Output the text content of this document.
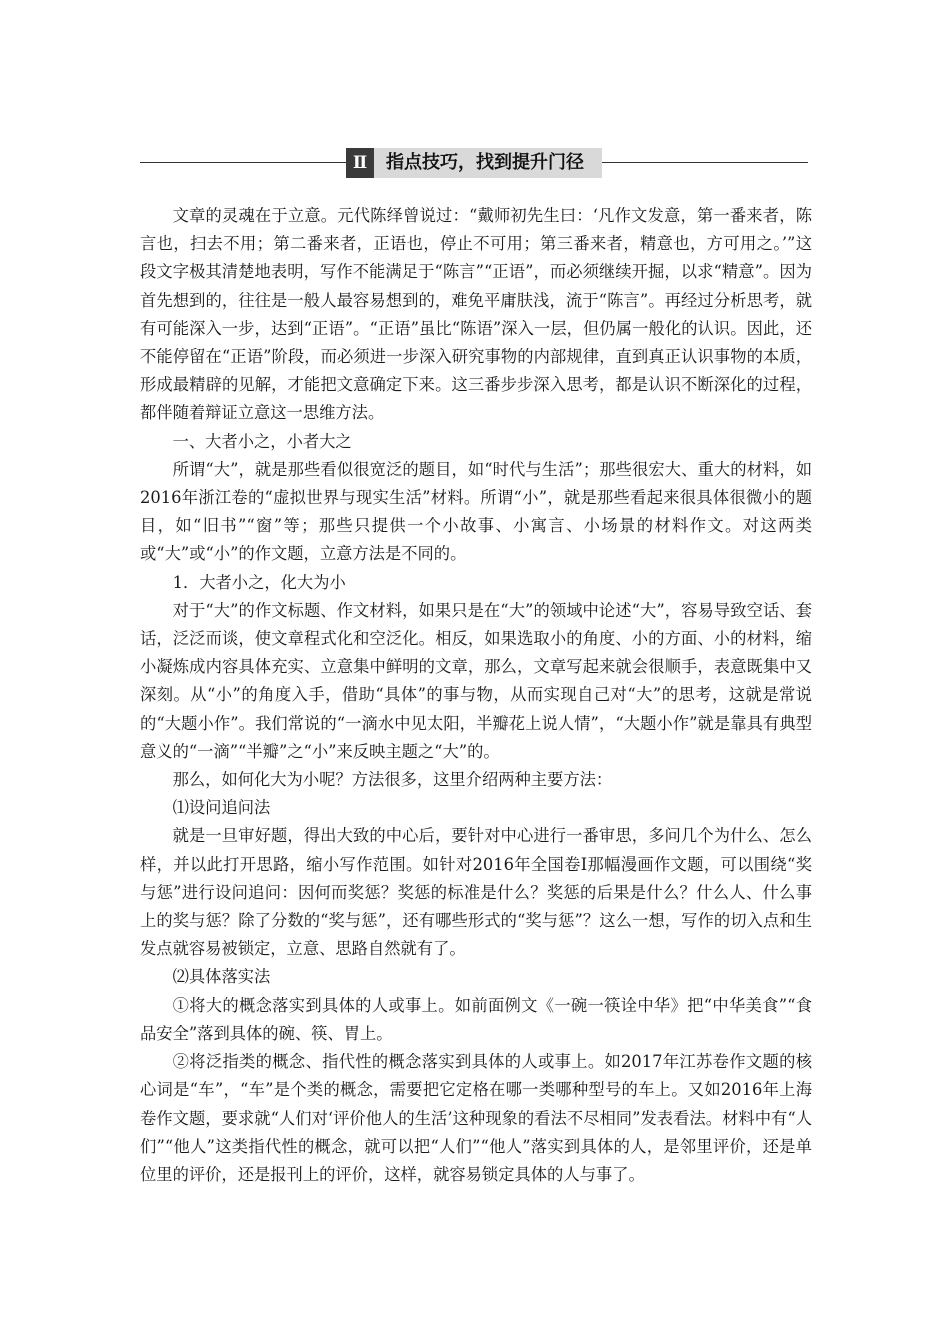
Ⅱ	指点技巧，找到提升门径

文章的灵魂在于立意。元代陈绎曾说过：“戴师初先生曰：‘凡作文发意，第一番来者，陈言也，扫去不用；第二番来者，正语也，停止不可用；第三番来者，精意也，方可用之。’”这段文字极其清楚地表明，写作不能满足于“陈言”“正语”，而必须继续开掘，以求“精意”。因为首先想到的，往往是一般人最容易想到的，难免平庸肤浅，流于“陈言”。再经过分析思考，就有可能深入一步，达到“正语”。“正语”虽比“陈语”深入一层，但仍属一般化的认识。因此，还不能停留在“正语”阶段，而必须进一步深入研究事物的内部规律，直到真正认识事物的本质，形成最精辟的见解，才能把文意确定下来。这三番步步深入思考，都是认识不断深化的过程，都伴随着辩证立意这一思维方法。

一、大者小之，小者大之

所谓“大”，就是那些看似很宽泛的题目，如“时代与生活”；那些很宏大、重大的材料，如2016年浙江卷的“虚拟世界与现实生活”材料。所谓“小”，就是那些看起来很具体很微小的题目，如“旧书”“窗”等；那些只提供一个小故事、小寓言、小场景的材料作文。对这两类或“大”或“小”的作文题，立意方法是不同的。

1．大者小之，化大为小

对于“大”的作文标题、作文材料，如果只是在“大”的领域中论述“大”，容易导致空话、套话，泛泛而谈，使文章程式化和空泛化。相反，如果选取小的角度、小的方面、小的材料，缩小凝炼成内容具体充实、立意集中鲜明的文章，那么，文章写起来就会很顺手，表意既集中又深刻。从“小”的角度入手，借助“具体”的事与物，从而实现自己对“大”的思考，这就是常说的“大题小作”。我们常说的“一滴水中见太阳，半瓣花上说人情”，“大题小作”就是靠具有典型意义的“一滴”“半瓣”之“小”来反映主题之“大”的。

那么，如何化大为小呢？方法很多，这里介绍两种主要方法：

⑴设问追问法

就是一旦审好题，得出大致的中心后，要针对中心进行一番审思，多问几个为什么、怎么样，并以此打开思路，缩小写作范围。如针对2016年全国卷Ⅰ那幅漫画作文题，可以围绕“奖与惩”进行设问追问：因何而奖惩？奖惩的标准是什么？奖惩的后果是什么？什么人、什么事上的奖与惩？除了分数的“奖与惩”，还有哪些形式的“奖与惩”？这么一想，写作的切入点和生发点就容易被锁定，立意、思路自然就有了。

⑵具体落实法

①将大的概念落实到具体的人或事上。如前面例文《一碗一筷诠中华》把“中华美食”“食品安全”落到具体的碗、筷、胃上。

②将泛指类的概念、指代性的概念落实到具体的人或事上。如2017年江苏卷作文题的核心词是“车”，“车”是个类的概念，需要把它定格在哪一类哪种型号的车上。又如2016年上海卷作文题，要求就“人们对‘评价他人的生活’这种现象的看法不尽相同”发表看法。材料中有“人们”“他人”这类指代性的概念，就可以把“人们”“他人”落实到具体的人，是邻里评价，还是单位里的评价，还是报刊上的评价，这样，就容易锁定具体的人与事了。
